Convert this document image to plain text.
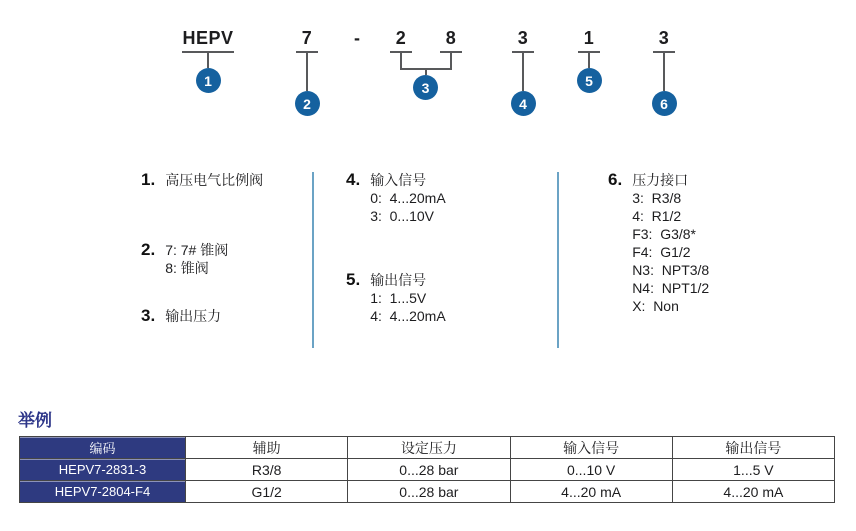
HEPV
1
7
2
-	2 8
3
3
4
1
5
3
6
1. 高压电气比例阀
2. 7: 7# 锥阀
8: 锥阀
3. 输出压力
4. 输入信号
0:  4...20mA
3:  0...10V
5. 输出信号
1:  1...5V
4:  4...20mA
6. 压力接口
3:  R3/8
4:  R1/2
F3:  G3/8*
F4:  G1/2
N3:  NPT3/8
N4:  NPT1/2
X:  Non
举例
编码	辅助	设定压力	输入信号	输出信号
HEPV7-2831-3	R3/8	0...28 bar	0...10 V	1...5 V
HEPV7-2804-F4	G1/2	0...28 bar	4...20 mA	4...20 mA
